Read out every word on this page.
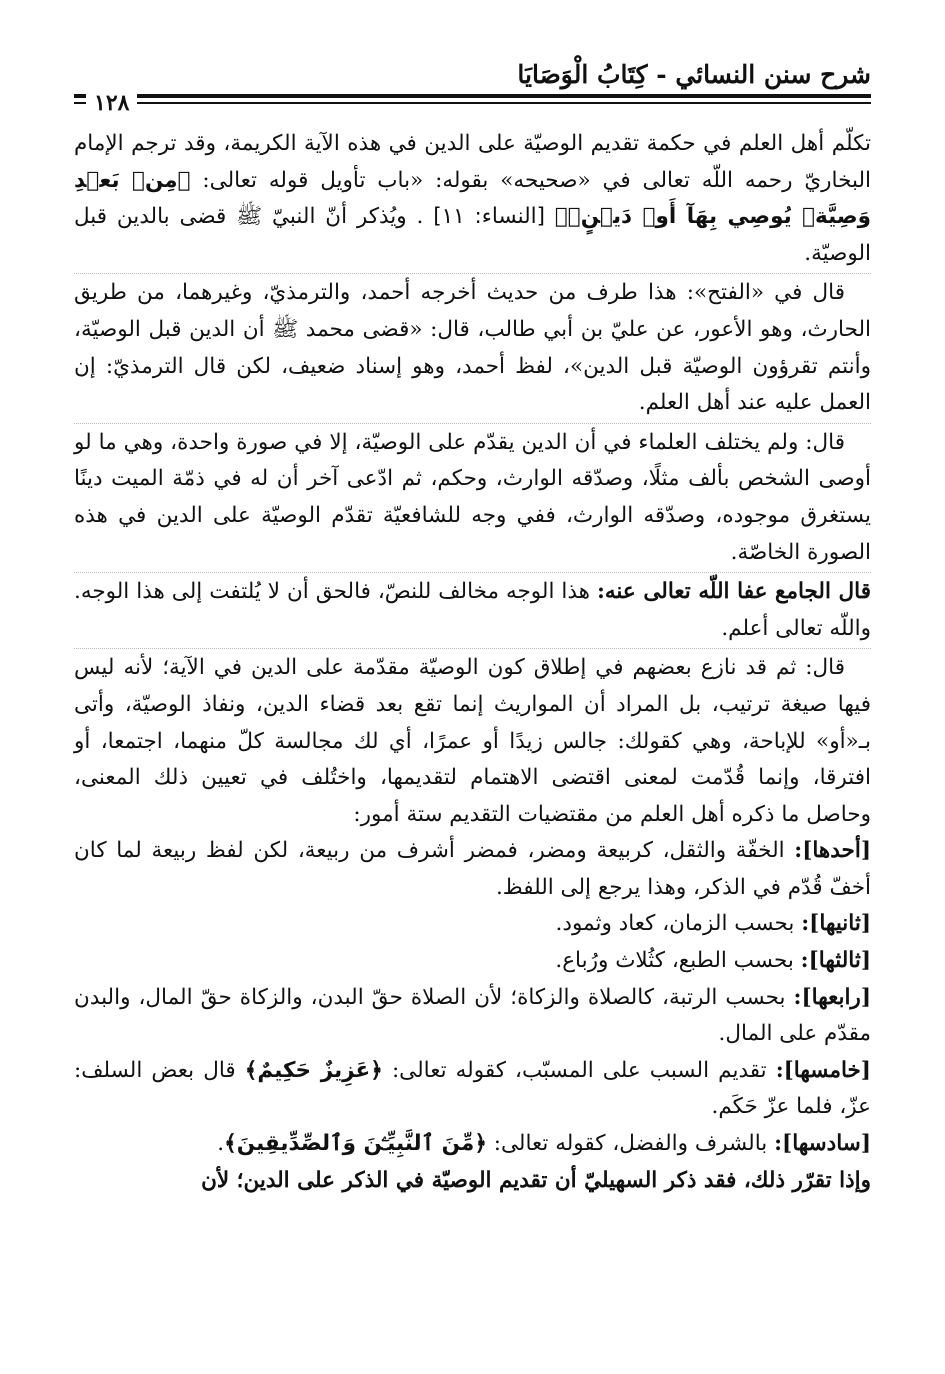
شرح سنن النسائي - كِتَابُ الْوَصَايَا
١٢٨

تكلّم أهل العلم في حكمة تقديم الوصيّة على الدين في هذه الآية الكريمة، وقد ترجم الإمام البخاريّ رحمه اللّه تعالى في «صحيحه» بقوله: «باب تأويل قوله تعالى: ﴿مِنۢ بَعۡدِ وَصِيَّةٖ يُوصِي بِهَآ أَوۡ دَيۡنٍۗ﴾ [النساء: ١١] . ويُذكر أنّ النبيّ ﷺ قضى بالدين قبل الوصيّة.

قال في «الفتح»: هذا طرف من حديث أخرجه أحمد، والترمذيّ، وغيرهما، من طريق الحارث، وهو الأعور، عن عليّ بن أبي طالب، قال: «قضى محمد ﷺ أن الدين قبل الوصيّة، وأنتم تقرؤون الوصيّة قبل الدين»، لفظ أحمد، وهو إسناد ضعيف، لكن قال الترمذيّ: إن العمل عليه عند أهل العلم.

قال: ولم يختلف العلماء في أن الدين يقدّم على الوصيّة، إلا في صورة واحدة، وهي ما لو أوصى الشخص بألف مثلًا، وصدّقه الوارث، وحكم، ثم ادّعى آخر أن له في ذمّة الميت دينًا يستغرق موجوده، وصدّقه الوارث، ففي وجه للشافعيّة تقدّم الوصيّة على الدين في هذه الصورة الخاصّة.

قال الجامع عفا اللّه تعالى عنه: هذا الوجه مخالف للنصّ، فالحق أن لا يُلتفت إلى هذا الوجه. واللّه تعالى أعلم.

قال: ثم قد نازع بعضهم في إطلاق كون الوصيّة مقدّمة على الدين في الآية؛ لأنه ليس فيها صيغة ترتيب، بل المراد أن المواريث إنما تقع بعد قضاء الدين، ونفاذ الوصيّة، وأتى بـ«أو» للإباحة، وهي كقولك: جالس زيدًا أو عمرًا، أي لك مجالسة كلّ منهما، اجتمعا، أو افترقا، وإنما قُدّمت لمعنى اقتضى الاهتمام لتقديمها، واختُلف في تعيين ذلك المعنى، وحاصل ما ذكره أهل العلم من مقتضيات التقديم ستة أمور:

[أحدها]: الخفّة والثقل، كربيعة ومضر، فمضر أشرف من ربيعة، لكن لفظ ربيعة لما كان أخفّ قُدّم في الذكر، وهذا يرجع إلى اللفظ.

[ثانيها]: بحسب الزمان، كعاد وثمود.

[ثالثها]: بحسب الطبع، كثُلاث ورُباع.

[رابعها]: بحسب الرتبة، كالصلاة والزكاة؛ لأن الصلاة حقّ البدن، والزكاة حقّ المال، والبدن مقدّم على المال.

[خامسها]: تقديم السبب على المسبّب، كقوله تعالى: ﴿عَزِيزٌ حَكِيمٌ﴾ قال بعض السلف: عزّ، فلما عزّ حَكَم.

[سادسها]: بالشرف والفضل، كقوله تعالى: ﴿مِّنَ ٱلنَّبِيِّـۧنَ وَٱلصِّدِّيقِينَ﴾.

وإذا تقرّر ذلك، فقد ذكر السهيليّ أن تقديم الوصيّة في الذكر على الدين؛ لأن
